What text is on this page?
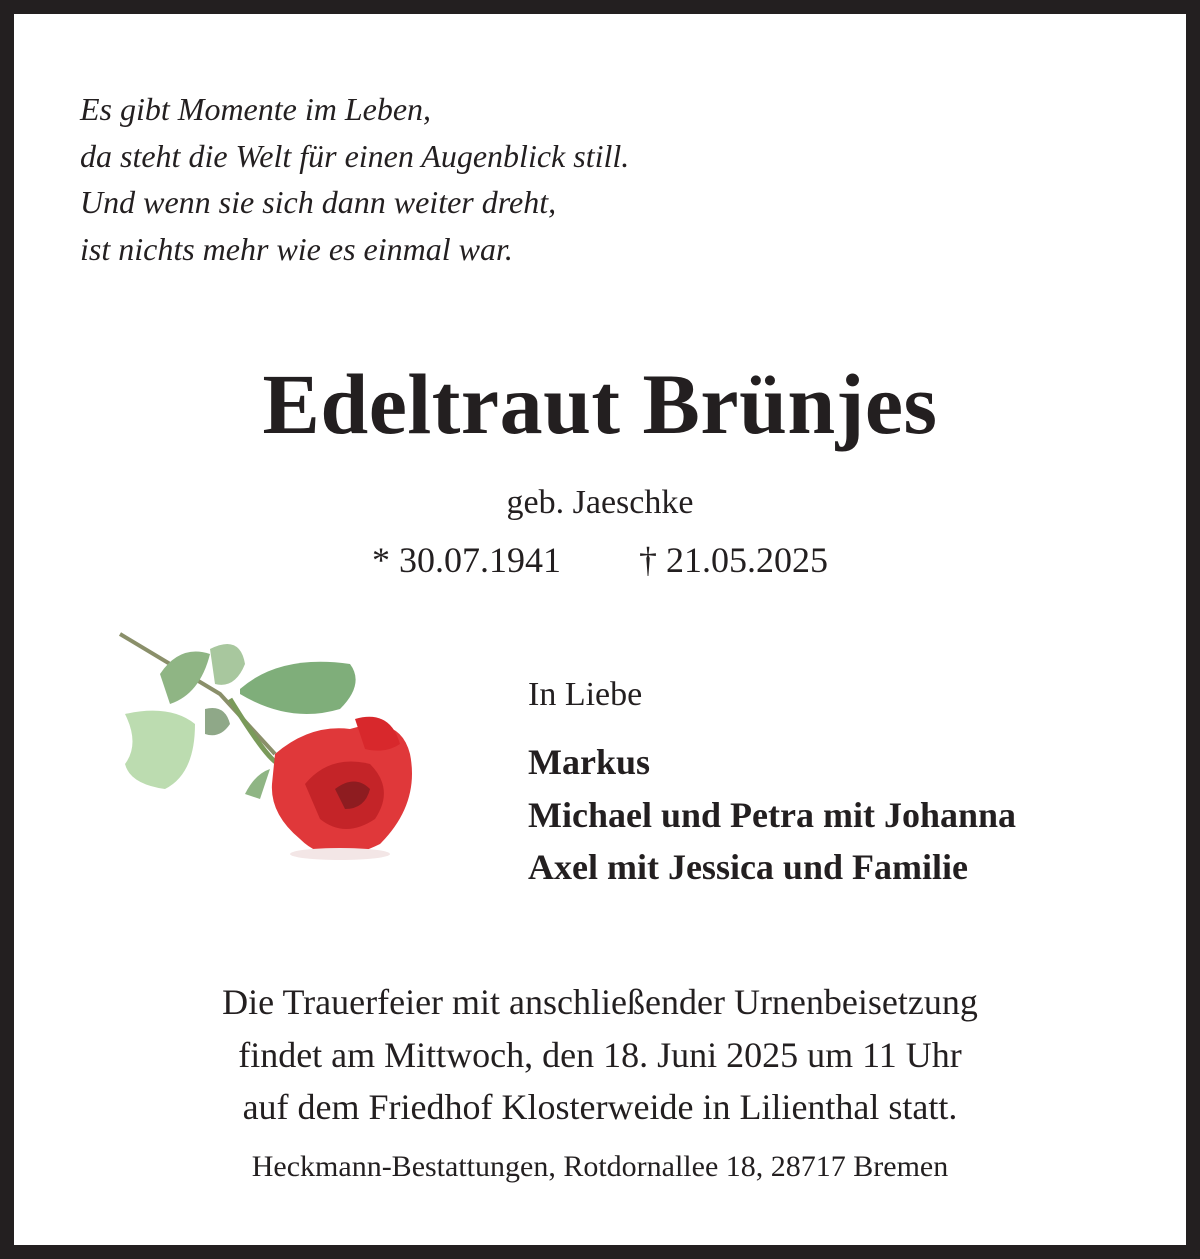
Es gibt Momente im Leben,
da steht die Welt für einen Augenblick still.
Und wenn sie sich dann weiter dreht,
ist nichts mehr wie es einmal war.
Edeltraut Brünjes
geb. Jaeschke
* 30.07.1941 † 21.05.2025
In Liebe
Markus
Michael und Petra mit Johanna
Axel mit Jessica und Familie
Die Trauerfeier mit anschließender Urnenbeisetzung
findet am Mittwoch, den 18. Juni 2025 um 11 Uhr
auf dem Friedhof Klosterweide in Lilienthal statt.
Heckmann-Bestattungen, Rotdornallee 18, 28717 Bremen
